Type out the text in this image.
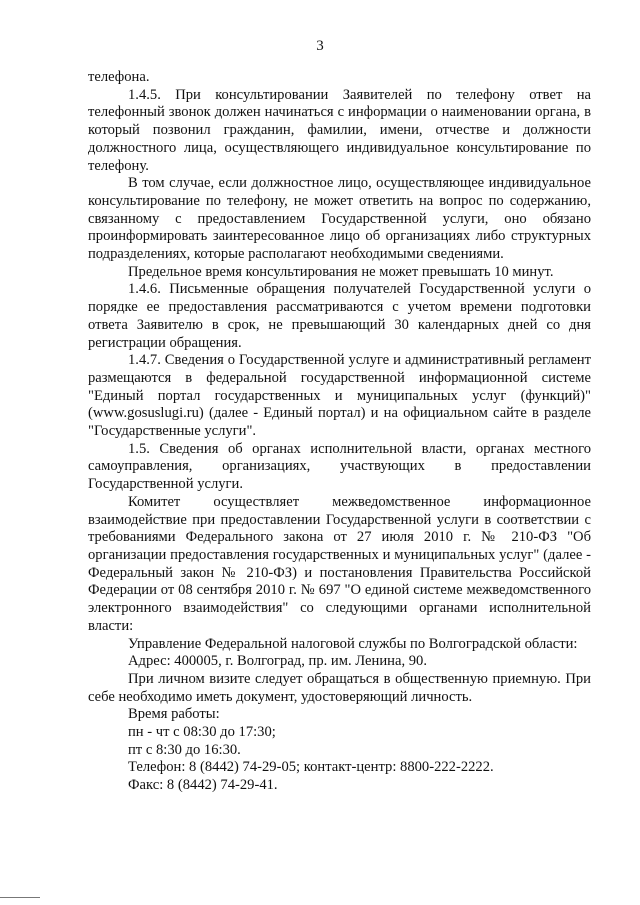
3

телефона.

1.4.5. При консультировании Заявителей по телефону ответ на телефонный звонок должен начинаться с информации о наименовании органа, в который позвонил гражданин, фамилии, имени, отчестве и должности должностного лица, осуществляющего индивидуальное консультирование по телефону.

В том случае, если должностное лицо, осуществляющее индивидуальное консультирование по телефону, не может ответить на вопрос по содержанию, связанному с предоставлением Государственной услуги, оно обязано проинформировать заинтересованное лицо об организациях либо структурных подразделениях, которые располагают необходимыми сведениями.

Предельное время консультирования не может превышать 10 минут.

1.4.6. Письменные обращения получателей Государственной услуги о порядке ее предоставления рассматриваются с учетом времени подготовки ответа Заявителю в срок, не превышающий 30 календарных дней со дня регистрации обращения.

1.4.7. Сведения о Государственной услуге и административный регламент размещаются в федеральной государственной информационной системе "Единый портал государственных и муниципальных услуг (функций)" (www.gosuslugi.ru) (далее - Единый портал) и на официальном сайте в разделе "Государственные услуги".

1.5. Сведения об органах исполнительной власти, органах местного самоуправления, организациях, участвующих в предоставлении Государственной услуги.

Комитет осуществляет межведомственное информационное взаимодействие при предоставлении Государственной услуги в соответствии с требованиями Федерального закона от 27 июля 2010 г. № 210-ФЗ "Об организации предоставления государственных и муниципальных услуг" (далее - Федеральный закон № 210-ФЗ) и постановления Правительства Российской Федерации от 08 сентября 2010 г. № 697 "О единой системе межведомственного электронного взаимодействия" со следующими органами исполнительной власти:

Управление Федеральной налоговой службы по Волгоградской области:

Адрес: 400005, г. Волгоград, пр. им. Ленина, 90.

При личном визите следует обращаться в общественную приемную. При себе необходимо иметь документ, удостоверяющий личность.

Время работы:

пн - чт с 08:30 до 17:30;

пт с 8:30 до 16:30.

Телефон: 8 (8442) 74-29-05; контакт-центр: 8800-222-2222.

Факс: 8 (8442) 74-29-41.
